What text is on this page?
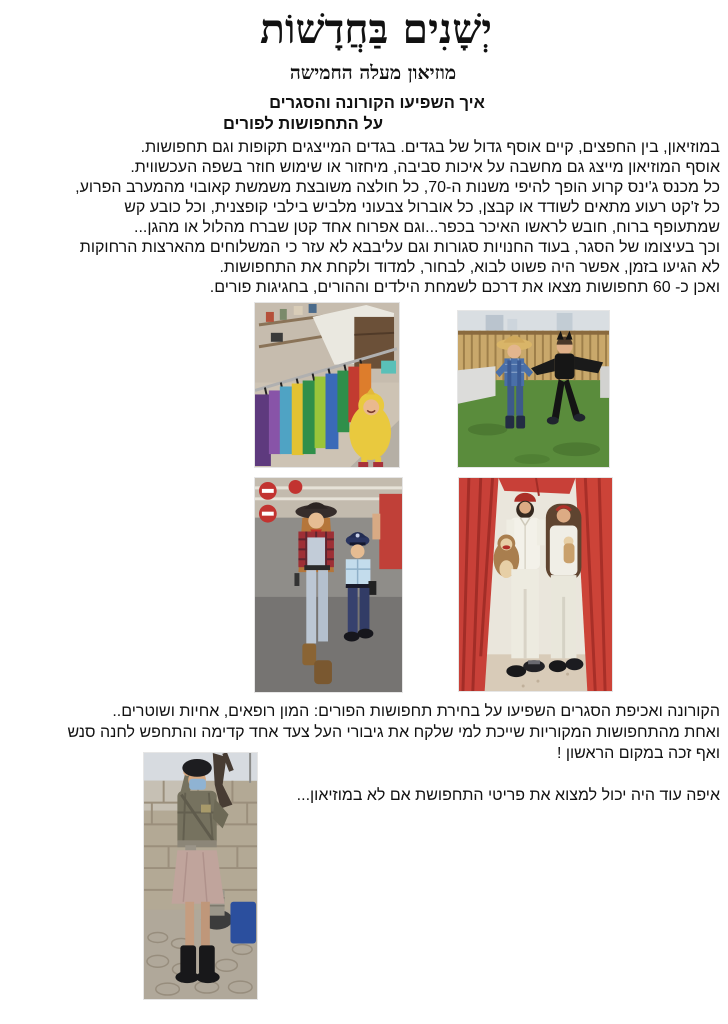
יְשָׁנִים בַּחֲדָשׁוֹת
מוזיאון מעלה החמישה
איך השפיעו הקורונה והסגרים
על התחפושות לפורים
במוזיאון, בין החפצים, קיים אוסף גדול של בגדים. בגדים המייצגים תקופות וגם תחפושות.
אוסף המוזיאון מייצג גם מחשבה על איכות סביבה, מיחזור או שימוש חוזר בשפה העכשווית.
כל מכנס ג'ינס קרוע הופך להיפי משנות ה-70, כל חולצה משובצת משמשת קאובוי מהמערב הפרוע,
כל ז'קט רעוע מתאים לשודד או קבצן, כל אוברול צבעוני מלביש בילבי קופצנית, וכל כובע קש
שמתעופף ברוח, חובש לראשו האיכר בכפר...וגם אפרוח אחד קטן שברח מהלול או מהגן...
וכך בעיצומו של הסגר, בעוד החנויות סגורות וגם עליבבא לא עזר כי המשלוחים מהארצות הרחוקות
לא הגיעו בזמן, אפשר היה פשוט לבוא, לבחור, למדוד ולקחת את התחפושות.
ואכן כ- 60 תחפושות מצאו את דרכם לשמחת הילדים וההורים, בחגיגות פורים.
הקורונה ואכיפת הסגרים השפיעו על בחירת תחפושות הפורים: המון רופאים, אחיות ושוטרים..
ואחת מהתחפושות המקוריות שייכת למי שלקח את גיבורי העל צעד אחד קדימה והתחפש לחנה סנש
ואף זכה במקום הראשון !
איפה עוד היה יכול למצוא את פריטי התחפושת אם לא במוזיאון...
